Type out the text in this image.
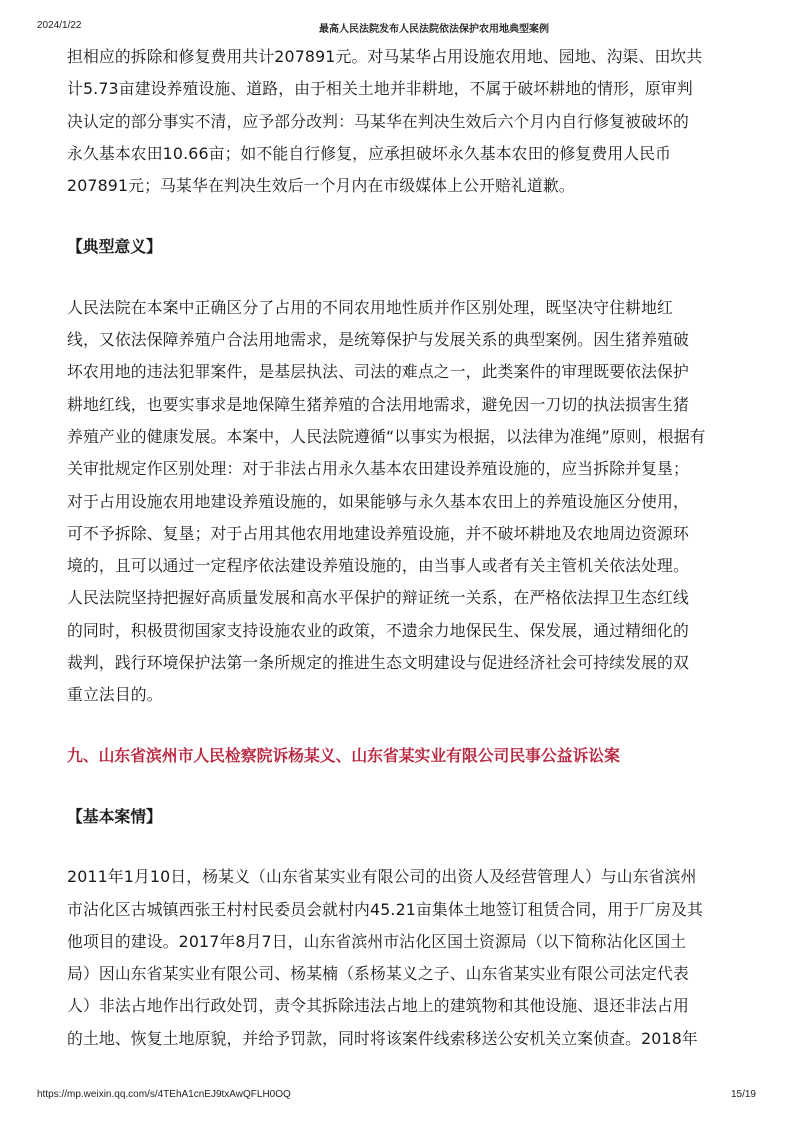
2024/1/22	最高人民法院发布人民法院依法保护农用地典型案例

担相应的拆除和修复费用共计207891元。对马某华占用设施农用地、园地、沟渠、田坎共
计5.73亩建设养殖设施、道路，由于相关土地并非耕地，不属于破坏耕地的情形，原审判
决认定的部分事实不清，应予部分改判：马某华在判决生效后六个月内自行修复被破坏的
永久基本农田10.66亩；如不能自行修复，应承担破坏永久基本农田的修复费用人民币
207891元；马某华在判决生效后一个月内在市级媒体上公开赔礼道歉。

【典型意义】

人民法院在本案中正确区分了占用的不同农用地性质并作区别处理，既坚决守住耕地红
线，又依法保障养殖户合法用地需求，是统筹保护与发展关系的典型案例。因生猪养殖破
坏农用地的违法犯罪案件，是基层执法、司法的难点之一，此类案件的审理既要依法保护
耕地红线，也要实事求是地保障生猪养殖的合法用地需求，避免因一刀切的执法损害生猪
养殖产业的健康发展。本案中，人民法院遵循“以事实为根据，以法律为准绳”原则，根据有
关审批规定作区别处理：对于非法占用永久基本农田建设养殖设施的，应当拆除并复垦；
对于占用设施农用地建设养殖设施的，如果能够与永久基本农田上的养殖设施区分使用，
可不予拆除、复垦；对于占用其他农用地建设养殖设施，并不破坏耕地及农地周边资源环
境的，且可以通过一定程序依法建设养殖设施的，由当事人或者有关主管机关依法处理。
人民法院坚持把握好高质量发展和高水平保护的辩证统一关系，在严格依法捍卫生态红线
的同时，积极贯彻国家支持设施农业的政策，不遗余力地保民生、保发展，通过精细化的
裁判，践行环境保护法第一条所规定的推进生态文明建设与促进经济社会可持续发展的双
重立法目的。

九、山东省滨州市人民检察院诉杨某义、山东省某实业有限公司民事公益诉讼案

【基本案情】

2011年1月10日，杨某义（山东省某实业有限公司的出资人及经营管理人）与山东省滨州
市沾化区古城镇西张王村村民委员会就村内45.21亩集体土地签订租赁合同，用于厂房及其
他项目的建设。2017年8月7日，山东省滨州市沾化区国土资源局（以下简称沾化区国土
局）因山东省某实业有限公司、杨某楠（系杨某义之子、山东省某实业有限公司法定代表
人）非法占地作出行政处罚，责令其拆除违法占地上的建筑物和其他设施、退还非法占用
的土地、恢复土地原貌，并给予罚款，同时将该案件线索移送公安机关立案侦查。2018年

https://mp.weixin.qq.com/s/4TEhA1cnEJ9txAwQFLH0OQ	15/19
